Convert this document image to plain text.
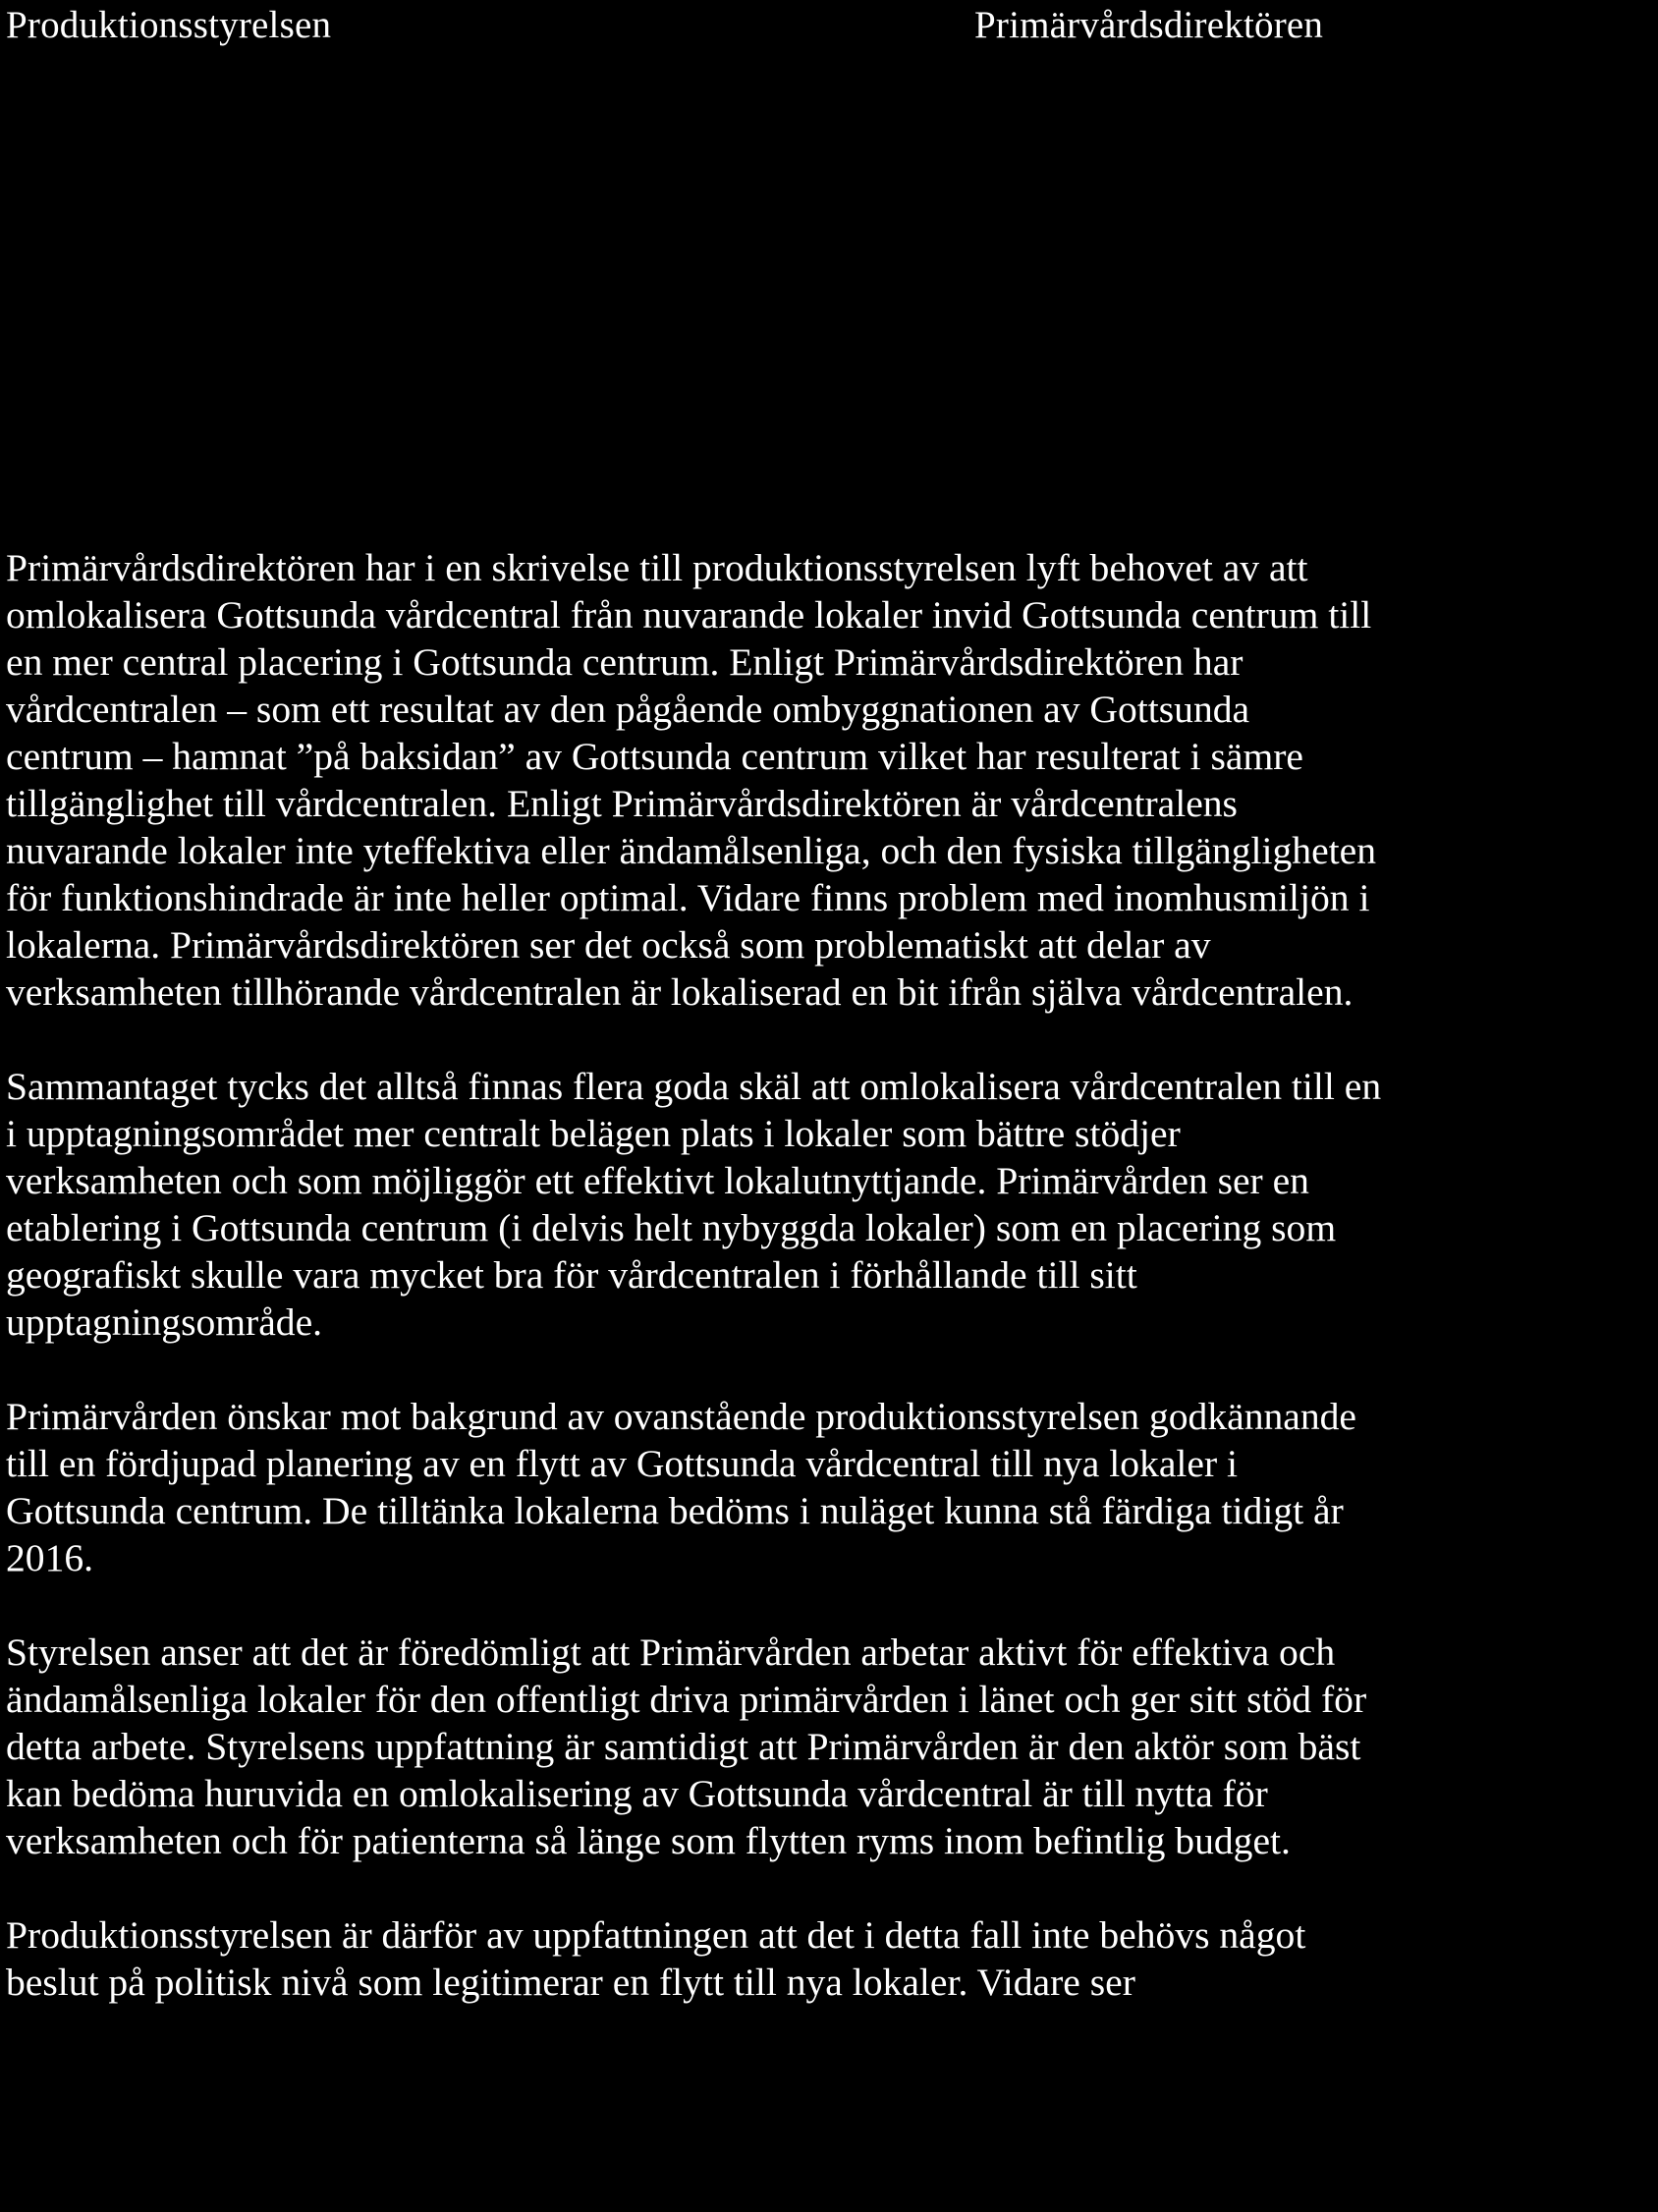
Produktionsstyrelsen	Primärvårdsdirektören

Primärvårdsdirektören har i en skrivelse till produktionsstyrelsen lyft behovet av att
omlokalisera Gottsunda vårdcentral från nuvarande lokaler invid Gottsunda centrum till
en mer central placering i Gottsunda centrum. Enligt Primärvårdsdirektören har
vårdcentralen – som ett resultat av den pågående ombyggnationen av Gottsunda
centrum – hamnat ”på baksidan” av Gottsunda centrum vilket har resulterat i sämre
tillgänglighet till vårdcentralen. Enligt Primärvårdsdirektören är vårdcentralens
nuvarande lokaler inte yteffektiva eller ändamålsenliga, och den fysiska tillgängligheten
för funktionshindrade är inte heller optimal. Vidare finns problem med inomhusmiljön i
lokalerna. Primärvårdsdirektören ser det också som problematiskt att delar av
verksamheten tillhörande vårdcentralen är lokaliserad en bit ifrån själva vårdcentralen.

Sammantaget tycks det alltså finnas flera goda skäl att omlokalisera vårdcentralen till en
i upptagningsområdet mer centralt belägen plats i lokaler som bättre stödjer
verksamheten och som möjliggör ett effektivt lokalutnyttjande. Primärvården ser en
etablering i Gottsunda centrum (i delvis helt nybyggda lokaler) som en placering som
geografiskt skulle vara mycket bra för vårdcentralen i förhållande till sitt
upptagningsområde.

Primärvården önskar mot bakgrund av ovanstående produktionsstyrelsen godkännande
till en fördjupad planering av en flytt av Gottsunda vårdcentral till nya lokaler i
Gottsunda centrum. De tilltänka lokalerna bedöms i nuläget kunna stå färdiga tidigt år
2016.

Styrelsen anser att det är föredömligt att Primärvården arbetar aktivt för effektiva och
ändamålsenliga lokaler för den offentligt driva primärvården i länet och ger sitt stöd för
detta arbete. Styrelsens uppfattning är samtidigt att Primärvården är den aktör som bäst
kan bedöma huruvida en omlokalisering av Gottsunda vårdcentral är till nytta för
verksamheten och för patienterna så länge som flytten ryms inom befintlig budget.

Produktionsstyrelsen är därför av uppfattningen att det i detta fall inte behövs något
beslut på politisk nivå som legitimerar en flytt till nya lokaler. Vidare ser
